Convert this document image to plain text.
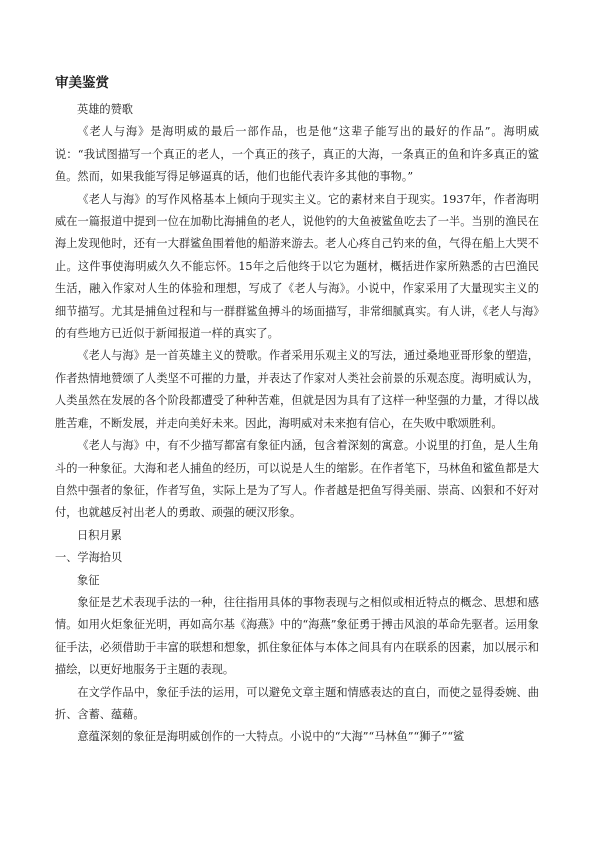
审美鉴赏
英雄的赞歌

《老人与海》是海明威的最后一部作品，也是他“这辈子能写出的最好的作品”。海明威说：“我试图描写一个真正的老人，一个真正的孩子，真正的大海，一条真正的鱼和许多真正的鲨鱼。然而，如果我能写得足够逼真的话，他们也能代表许多其他的事物。”

《老人与海》的写作风格基本上倾向于现实主义。它的素材来自于现实。1937年，作者海明威在一篇报道中提到一位在加勒比海捕鱼的老人，说他钓的大鱼被鲨鱼吃去了一半。当别的渔民在海上发现他时，还有一大群鲨鱼围着他的船游来游去。老人心疼自己钓来的鱼，气得在船上大哭不止。这件事使海明威久久不能忘怀。15年之后他终于以它为题材，概括进作家所熟悉的古巴渔民生活，融入作家对人生的体验和理想，写成了《老人与海》。小说中，作家采用了大量现实主义的细节描写。尤其是捕鱼过程和与一群群鲨鱼搏斗的场面描写，非常细腻真实。有人讲，《老人与海》的有些地方已近似于新闻报道一样的真实了。

《老人与海》是一首英雄主义的赞歌。作者采用乐观主义的写法，通过桑地亚哥形象的塑造，作者热情地赞颂了人类坚不可摧的力量，并表达了作家对人类社会前景的乐观态度。海明威认为，人类虽然在发展的各个阶段都遭受了种种苦难，但就是因为具有了这样一种坚强的力量，才得以战胜苦难，不断发展，并走向美好未来。因此，海明威对未来抱有信心，在失败中歌颂胜利。

《老人与海》中，有不少描写都富有象征内涵，包含着深刻的寓意。小说里的打鱼，是人生角斗的一种象征。大海和老人捕鱼的经历，可以说是人生的缩影。在作者笔下，马林鱼和鲨鱼都是大自然中强者的象征，作者写鱼，实际上是为了写人。作者越是把鱼写得美丽、崇高、凶狠和不好对付，也就越反衬出老人的勇敢、顽强的硬汉形象。

日积月累
一、学海拾贝
象征

象征是艺术表现手法的一种，往往指用具体的事物表现与之相似或相近特点的概念、思想和感情。如用火炬象征光明，再如高尔基《海燕》中的“海燕”象征勇于搏击风浪的革命先驱者。运用象征手法，必须借助于丰富的联想和想象，抓住象征体与本体之间具有内在联系的因素，加以展示和描绘，以更好地服务于主题的表现。

在文学作品中，象征手法的运用，可以避免文章主题和情感表达的直白，而使之显得委婉、曲折、含蓄、蕴藉。

意蕴深刻的象征是海明威创作的一大特点。小说中的“大海”“马林鱼”“狮子”“鲨
